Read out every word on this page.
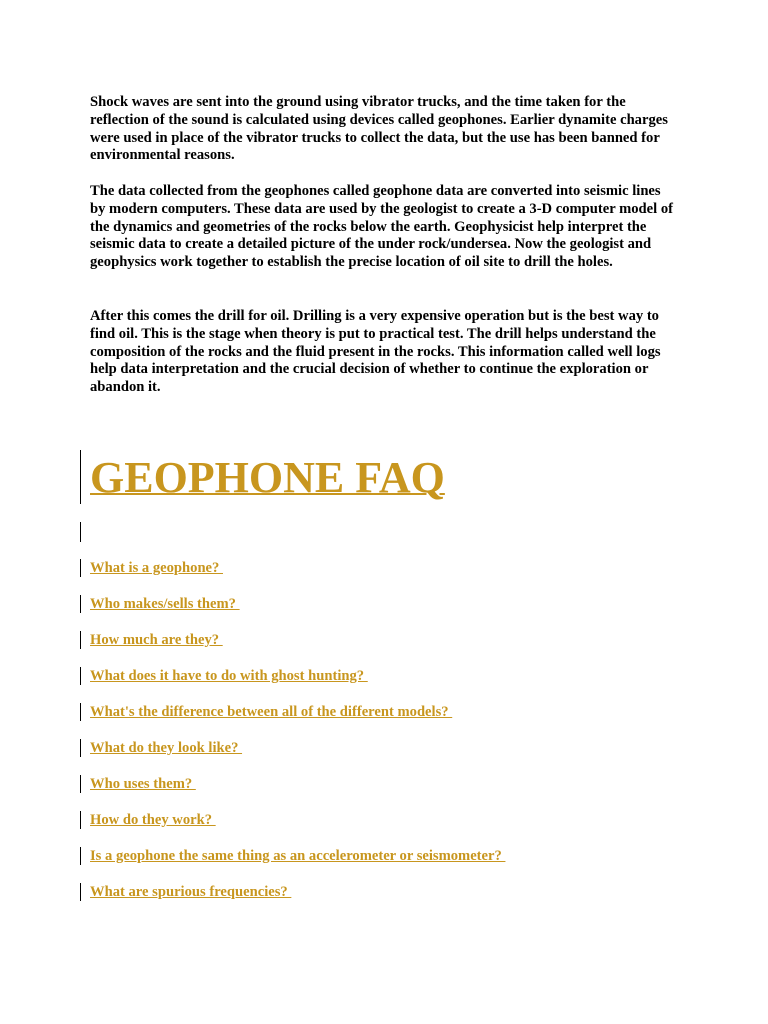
Shock waves are sent into the ground using vibrator trucks, and the time taken for the reflection of the sound is calculated using devices called geophones. Earlier dynamite charges were used in place of the vibrator trucks to collect the data, but the use has been banned for environmental reasons.

The data collected from the geophones called geophone data are converted into seismic lines by modern computers. These data are used by the geologist to create a 3-D computer model of the dynamics and geometries of the rocks below the earth. Geophysicist help interpret the seismic data to create a detailed picture of the under rock/undersea. Now the geologist and geophysics work together to establish the precise location of oil site to drill the holes.

After this comes the drill for oil. Drilling is a very expensive operation but is the best way to find oil. This is the stage when theory is put to practical test. The drill helps understand the composition of the rocks and the fluid present in the rocks. This information called well logs help data interpretation and the crucial decision of whether to continue the exploration or abandon it.

GEOPHONE FAQ
What is a geophone?
Who makes/sells them?
How much are they?
What does it have to do with ghost hunting?
What's the difference between all of the different models?
What do they look like?
Who uses them?
How do they work?
Is a geophone the same thing as an accelerometer or seismometer?
What are spurious frequencies?
